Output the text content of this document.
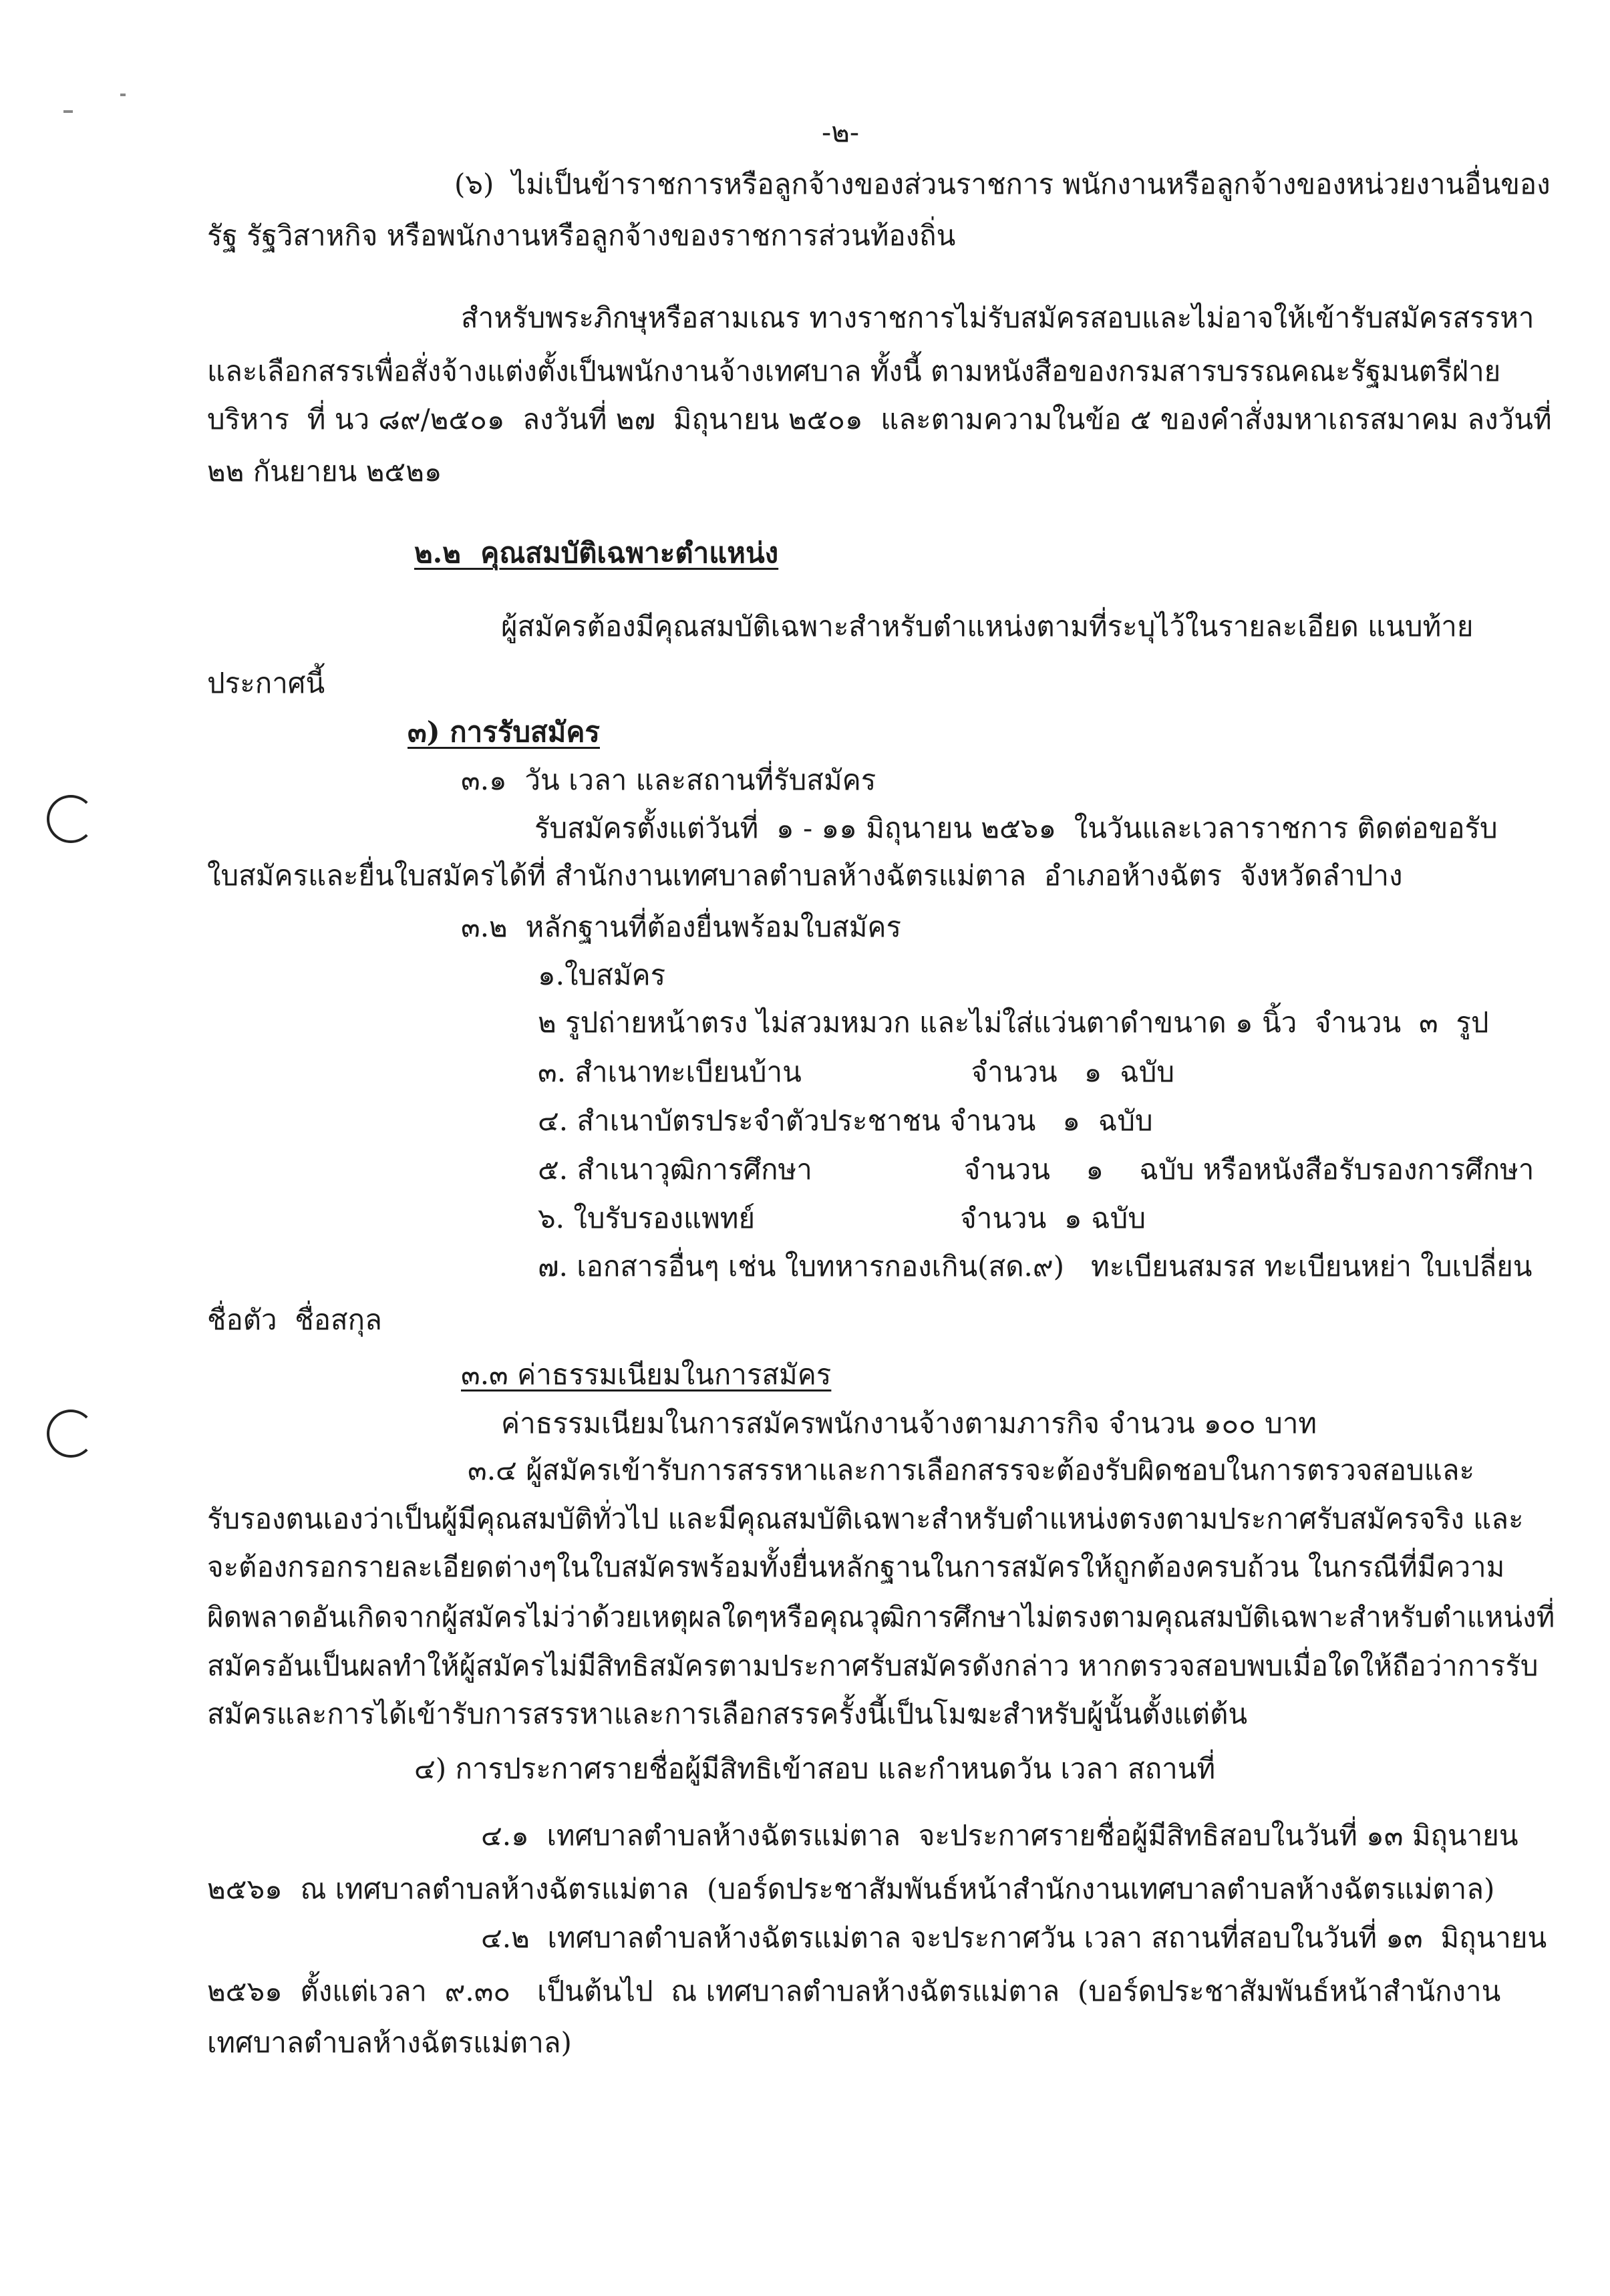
-๒-
(๖)  ไม่เป็นข้าราชการหรือลูกจ้างของส่วนราชการ พนักงานหรือลูกจ้างของหน่วยงานอื่นของ
รัฐ รัฐวิสาหกิจ หรือพนักงานหรือลูกจ้างของราชการส่วนท้องถิ่น
สำหรับพระภิกษุหรือสามเณร ทางราชการไม่รับสมัครสอบและไม่อาจให้เข้ารับสมัครสรรหา
และเลือกสรรเพื่อสั่งจ้างแต่งตั้งเป็นพนักงานจ้างเทศบาล ทั้งนี้ ตามหนังสือของกรมสารบรรณคณะรัฐมนตรีฝ่าย
บริหาร  ที่ นว ๘๙/๒๕๐๑  ลงวันที่ ๒๗  มิถุนายน ๒๕๐๑  และตามความในข้อ ๕ ของคำสั่งมหาเถรสมาคม ลงวันที่
๒๒ กันยายน ๒๕๒๑
๒.๒  คุณสมบัติเฉพาะตำแหน่ง
ผู้สมัครต้องมีคุณสมบัติเฉพาะสำหรับตำแหน่งตามที่ระบุไว้ในรายละเอียด แนบท้าย
ประกาศนี้
๓) การรับสมัคร
๓.๑  วัน เวลา และสถานที่รับสมัคร
รับสมัครตั้งแต่วันที่  ๑ - ๑๑ มิถุนายน ๒๕๖๑  ในวันและเวลาราชการ ติดต่อขอรับ
ใบสมัครและยื่นใบสมัครได้ที่ สำนักงานเทศบาลตำบลห้างฉัตรแม่ตาล  อำเภอห้างฉัตร  จังหวัดลำปาง
๓.๒  หลักฐานที่ต้องยื่นพร้อมใบสมัคร
๑.ใบสมัคร
๒ รูปถ่ายหน้าตรง ไม่สวมหมวก และไม่ใส่แว่นตาดำขนาด ๑ นิ้ว  จำนวน  ๓  รูป
๓. สำเนาทะเบียนบ้าน                   จำนวน   ๑  ฉบับ
๔. สำเนาบัตรประจำตัวประชาชน จำนวน   ๑  ฉบับ
๕. สำเนาวุฒิการศึกษา                 จำนวน    ๑    ฉบับ หรือหนังสือรับรองการศึกษา
๖. ใบรับรองแพทย์                       จำนวน  ๑ ฉบับ
๗. เอกสารอื่นๆ เช่น ใบทหารกองเกิน(สด.๙)   ทะเบียนสมรส ทะเบียนหย่า ใบเปลี่ยน
ชื่อตัว  ชื่อสกุล
๓.๓ ค่าธรรมเนียมในการสมัคร
ค่าธรรมเนียมในการสมัครพนักงานจ้างตามภารกิจ จำนวน ๑๐๐ บาท
๓.๔ ผู้สมัครเข้ารับการสรรหาและการเลือกสรรจะต้องรับผิดชอบในการตรวจสอบและ
รับรองตนเองว่าเป็นผู้มีคุณสมบัติทั่วไป และมีคุณสมบัติเฉพาะสำหรับตำแหน่งตรงตามประกาศรับสมัครจริง และ
จะต้องกรอกรายละเอียดต่างๆในใบสมัครพร้อมทั้งยื่นหลักฐานในการสมัครให้ถูกต้องครบถ้วน ในกรณีที่มีความ
ผิดพลาดอันเกิดจากผู้สมัครไม่ว่าด้วยเหตุผลใดๆหรือคุณวุฒิการศึกษาไม่ตรงตามคุณสมบัติเฉพาะสำหรับตำแหน่งที่
สมัครอันเป็นผลทำให้ผู้สมัครไม่มีสิทธิสมัครตามประกาศรับสมัครดังกล่าว หากตรวจสอบพบเมื่อใดให้ถือว่าการรับ
สมัครและการได้เข้ารับการสรรหาและการเลือกสรรครั้งนี้เป็นโมฆะสำหรับผู้นั้นตั้งแต่ต้น
๔) การประกาศรายชื่อผู้มีสิทธิเข้าสอบ และกำหนดวัน เวลา สถานที่
๔.๑  เทศบาลตำบลห้างฉัตรแม่ตาล  จะประกาศรายชื่อผู้มีสิทธิสอบในวันที่ ๑๓ มิถุนายน
๒๕๖๑  ณ เทศบาลตำบลห้างฉัตรแม่ตาล  (บอร์ดประชาสัมพันธ์หน้าสำนักงานเทศบาลตำบลห้างฉัตรแม่ตาล)
๔.๒  เทศบาลตำบลห้างฉัตรแม่ตาล จะประกาศวัน เวลา สถานที่สอบในวันที่ ๑๓  มิถุนายน
๒๕๖๑  ตั้งแต่เวลา  ๙.๓๐   เป็นต้นไป  ณ เทศบาลตำบลห้างฉัตรแม่ตาล  (บอร์ดประชาสัมพันธ์หน้าสำนักงาน
เทศบาลตำบลห้างฉัตรแม่ตาล)
